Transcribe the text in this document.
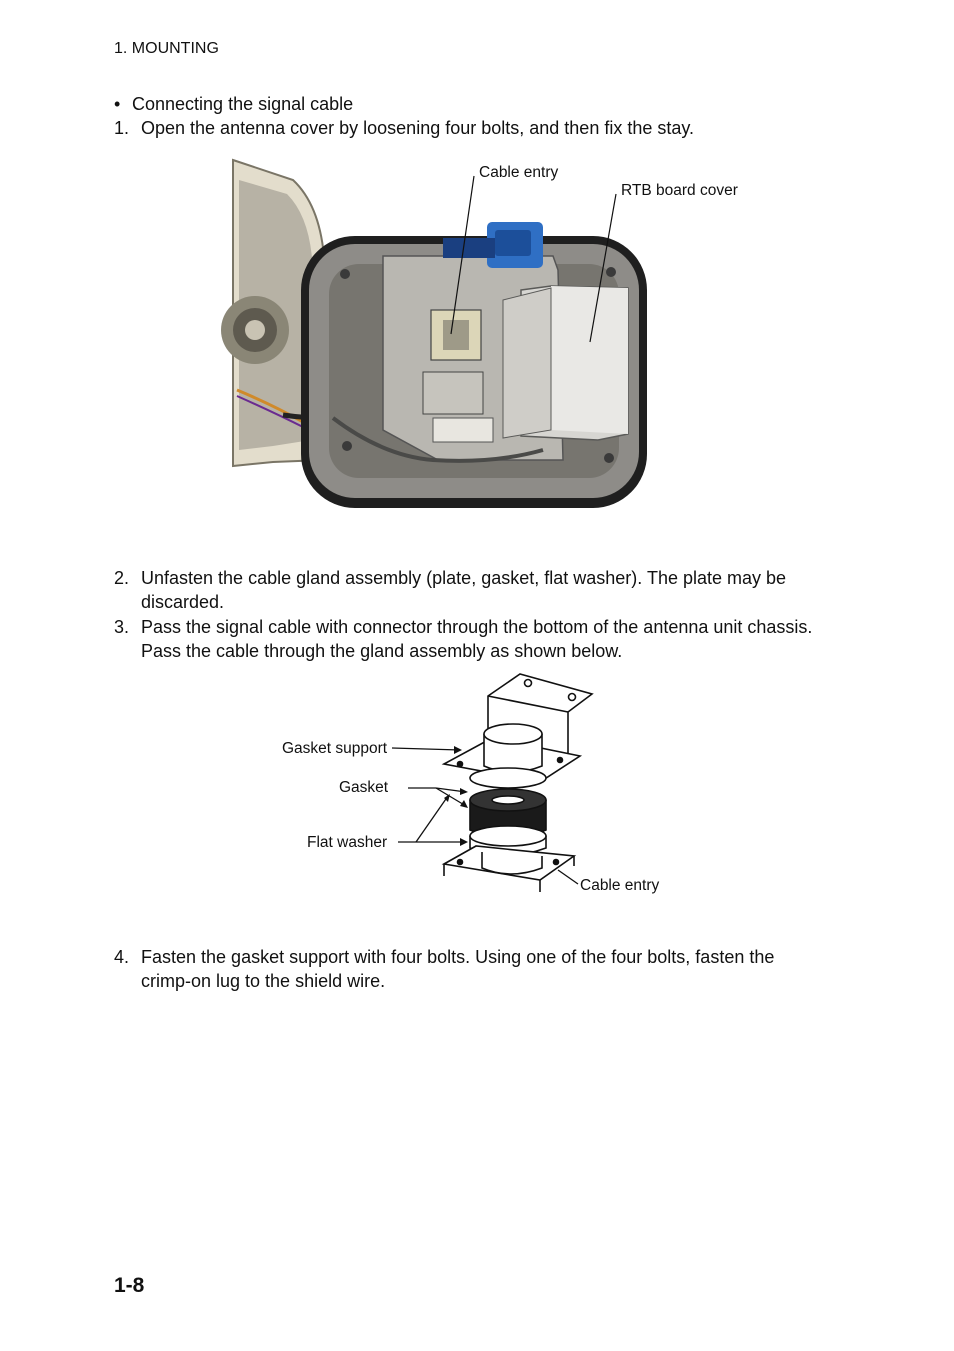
1. MOUNTING
• Connecting the signal cable
1. Open the antenna cover by loosening four bolts, and then fix the stay.
Cable entry
RTB board cover
2. Unfasten the cable gland assembly (plate, gasket, flat washer). The plate may be
discarded.
3. Pass the signal cable with connector through the bottom of the antenna unit chassis.
Pass the cable through the gland assembly as shown below.
Gasket support
Gasket
Flat washer
Cable entry
4. Fasten the gasket support with four bolts. Using one of the four bolts, fasten the
crimp-on lug to the shield wire.
1-8
